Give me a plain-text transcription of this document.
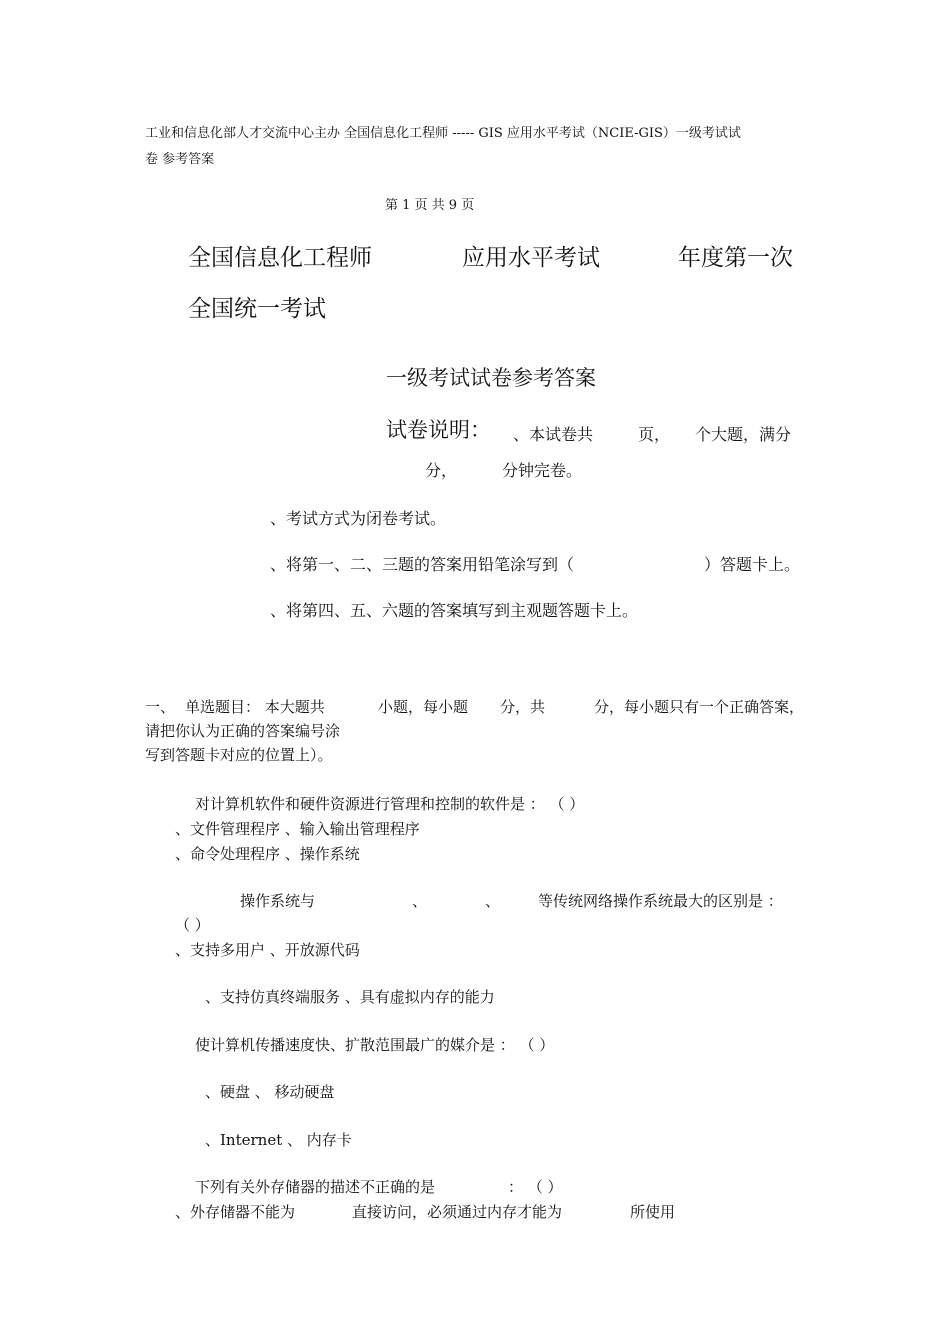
工业和信息化部人才交流中心主办 全国信息化工程师 ----- GIS 应用水平考试（NCIE-GIS）一级考试试
卷 参考答案
第 1 页 共 9 页
全国信息化工程师	应用水平考试	年度第一次
全国统一考试
一级考试试卷参考答案
试卷说明： 、本试卷共	页， 个大题，满分
分，	分钟完卷。
、考试方式为闭卷考试。
、将第一、二、三题的答案用铅笔涂写到（	）答题卡上。
、将第四、五、六题的答案填写到主观题答题卡上。
一、 单选题目： 本大题共	小题，每小题 分，共	分，每小题只有一个正确答案，
请把你认为正确的答案编号涂
写到答题卡对应的位置上）。
对计算机软件和硬件资源进行管理和控制的软件是 ： （ ）
、文件管理程序 、输入输出管理程序
、命令处理程序 、操作系统
操作系统与	、	、	等传统网络操作系统最大的区别是 ：
（ ）
、支持多用户 、开放源代码
、支持仿真终端服务 、具有虚拟内存的能力
使计算机传播速度快、扩散范围最广的媒介是 ： （ ）
、硬盘 、 移动硬盘
、Internet 、 内存卡
下列有关外存储器的描述不正确的是	： （ ）
、外存储器不能为	直接访问，必须通过内存才能为	所使用
